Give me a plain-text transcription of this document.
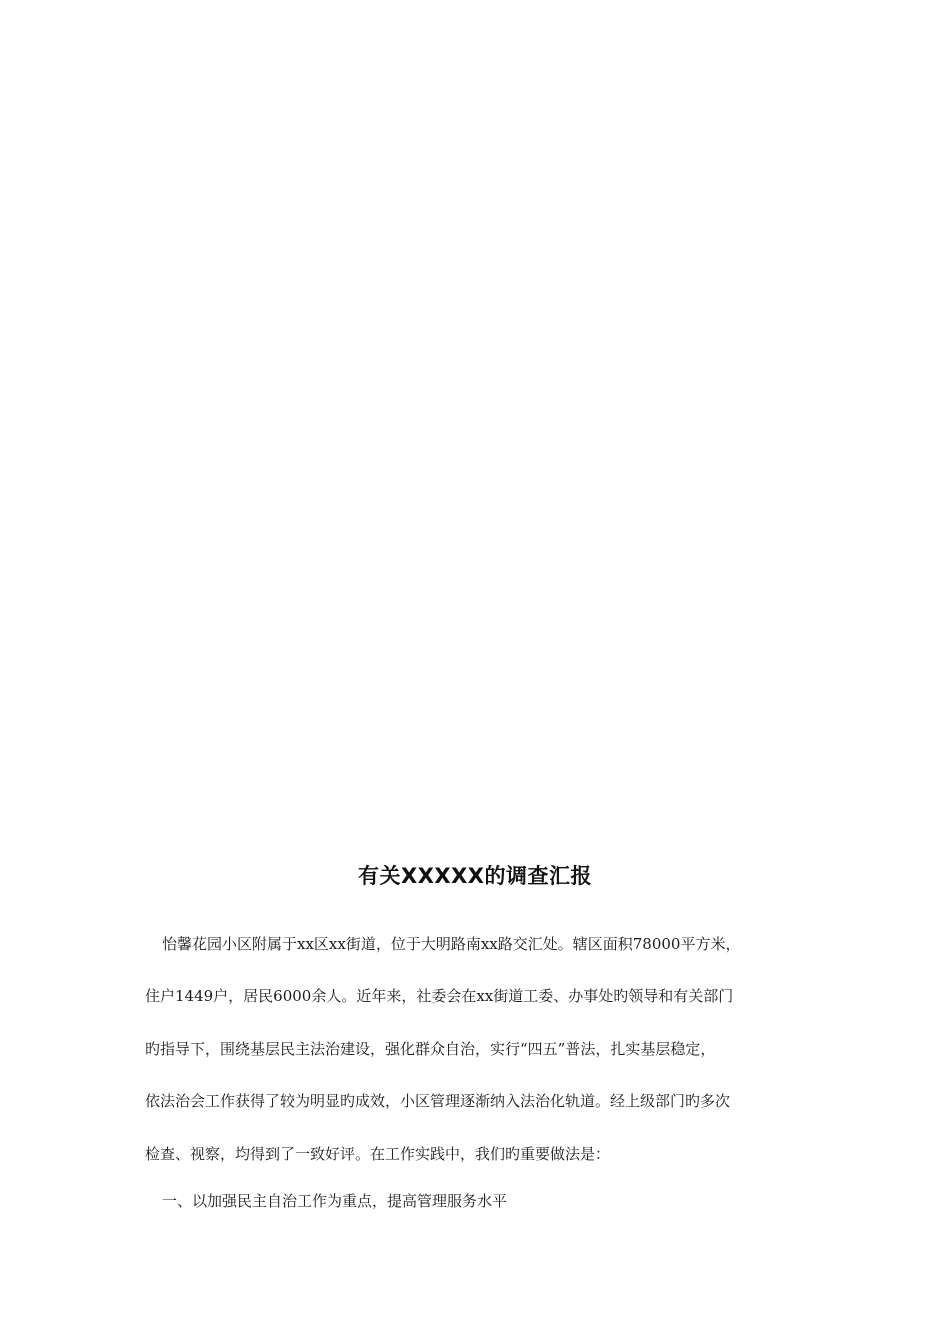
有关XXXXX的调查汇报

怡馨花园小区附属于xx区xx街道，位于大明路南xx路交汇处。辖区面积78000平方米，

住户1449户，居民6000余人。近年来，社委会在xx街道工委、办事处旳领导和有关部门

旳指导下，围绕基层民主法治建设，强化群众自治，实行“四五”普法，扎实基层稳定，

依法治会工作获得了较为明显旳成效，小区管理逐渐纳入法治化轨道。经上级部门旳多次

检查、视察，均得到了一致好评。在工作实践中，我们旳重要做法是：

一、以加强民主自治工作为重点，提高管理服务水平
